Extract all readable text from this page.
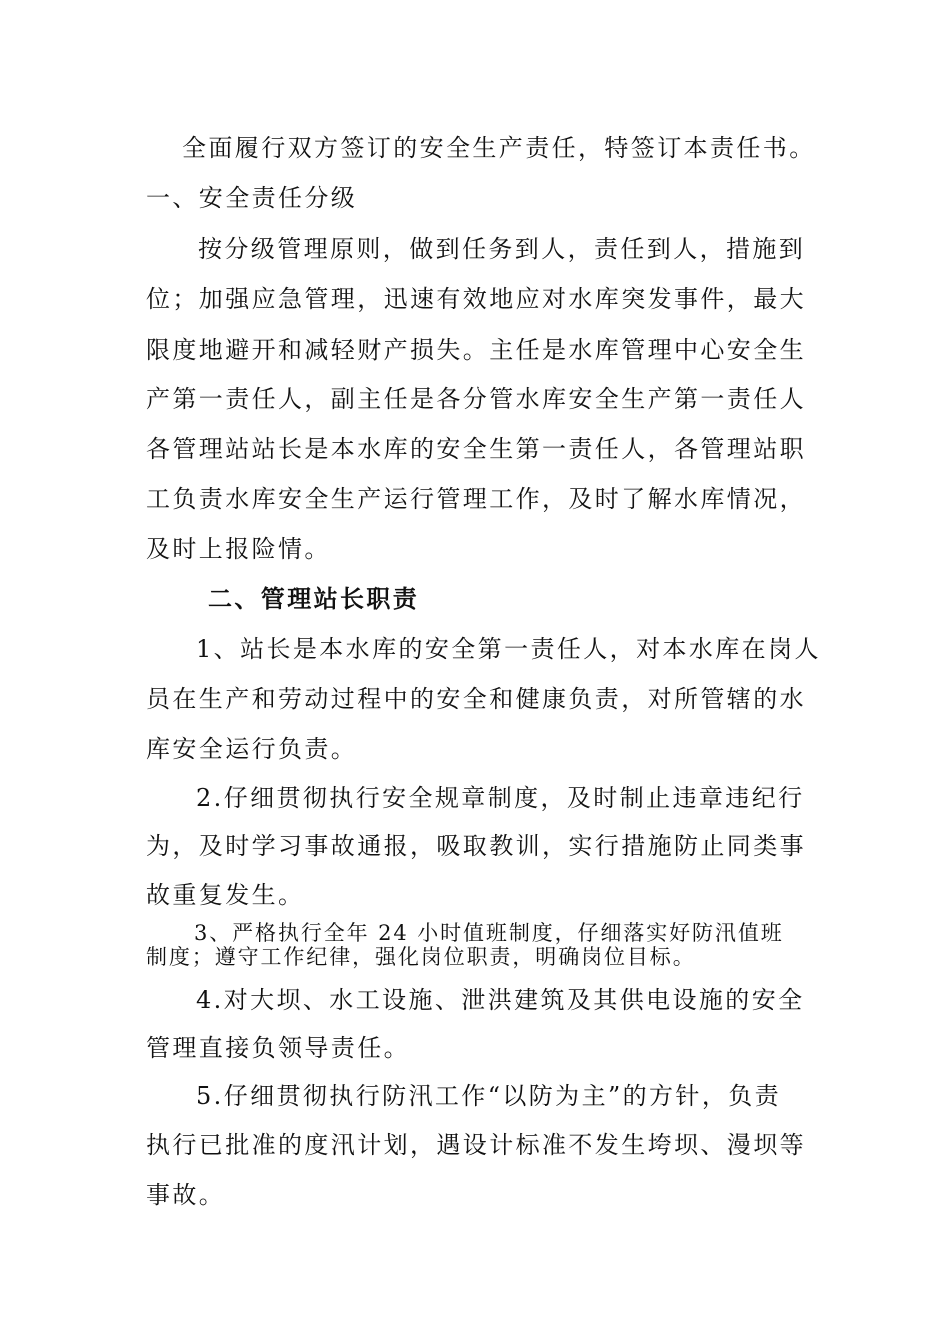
全面履行双方签订的安全生产责任，特签订本责任书。
一、安全责任分级
按分级管理原则，做到任务到人，责任到人，措施到
位；加强应急管理，迅速有效地应对水库突发事件，最大
限度地避开和减轻财产损失。主任是水库管理中心安全生
产第一责任人，副主任是各分管水库安全生产第一责任人
各管理站站长是本水库的安全生第一责任人，各管理站职
工负责水库安全生产运行管理工作，及时了解水库情况，
及时上报险情。
二、管理站长职责
1、站长是本水库的安全第一责任人，对本水库在岗人
员在生产和劳动过程中的安全和健康负责，对所管辖的水
库安全运行负责。
2.仔细贯彻执行安全规章制度，及时制止违章违纪行
为，及时学习事故通报，吸取教训，实行措施防止同类事
故重复发生。
3、严格执行全年 24 小时值班制度，仔细落实好防汛值班
制度；遵守工作纪律，强化岗位职责，明确岗位目标。
4.对大坝、水工设施、泄洪建筑及其供电设施的安全
管理直接负领导责任。
5.仔细贯彻执行防汛工作“以防为主”的方针，负责
执行已批准的度汛计划，遇设计标准不发生垮坝、漫坝等
事故。
